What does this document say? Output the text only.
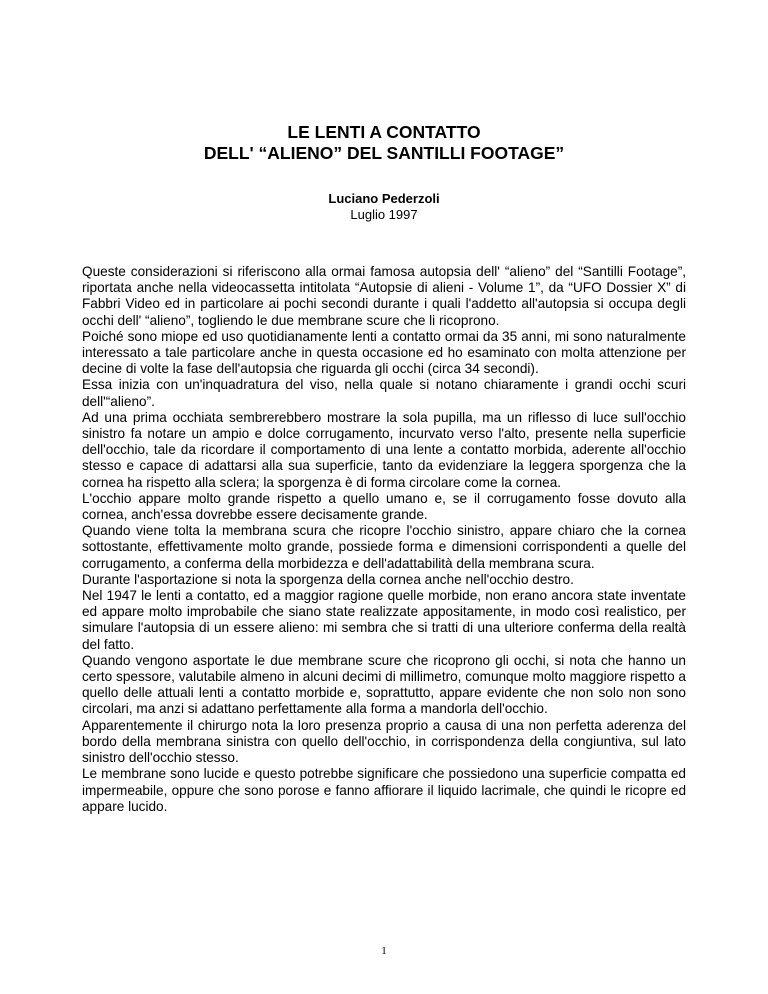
LE LENTI A CONTATTO
DELL' “ALIENO” DEL SANTILLI FOOTAGE”

Luciano Pederzoli

Luglio 1997

Queste considerazioni si riferiscono alla ormai famosa autopsia dell' “alieno” del “Santilli Footage”, riportata anche nella videocassetta intitolata “Autopsie di alieni - Volume 1”, da “UFO Dossier X” di Fabbri Video ed in particolare ai pochi secondi durante i quali l'addetto all'autopsia si occupa degli occhi dell' “alieno”, togliendo le due membrane scure che li ricoprono.

Poiché sono miope ed uso quotidianamente lenti a contatto ormai da 35 anni, mi sono naturalmente interessato a tale particolare anche in questa occasione ed ho esaminato con molta attenzione per decine di volte la fase dell'autopsia che riguarda gli occhi (circa 34 secondi).

Essa inizia con un'inquadratura del viso, nella quale si notano chiaramente i grandi occhi scuri dell'“alieno”.

Ad una prima occhiata sembrerebbero mostrare la sola pupilla, ma un riflesso di luce sull'occhio sinistro fa notare un ampio e dolce corrugamento, incurvato verso l'alto, presente nella superficie dell'occhio, tale da ricordare il comportamento di una lente a contatto morbida, aderente all'occhio stesso e capace di adattarsi alla sua superficie, tanto da evidenziare la leggera sporgenza che la cornea ha rispetto alla sclera; la sporgenza è di forma circolare come la cornea.

L'occhio appare molto grande rispetto a quello umano e, se il corrugamento fosse dovuto alla cornea, anch'essa dovrebbe essere decisamente grande.

Quando viene tolta la membrana scura che ricopre l'occhio sinistro, appare chiaro che la cornea sottostante, effettivamente molto grande, possiede forma e dimensioni corrispondenti a quelle del corrugamento, a conferma della morbidezza e dell'adattabilità della membrana scura.

Durante l'asportazione si nota la sporgenza della cornea anche nell'occhio destro.

Nel 1947 le lenti a contatto, ed a maggior ragione quelle morbide, non erano ancora state inventate ed appare molto improbabile che siano state realizzate appositamente, in modo così realistico, per simulare l'autopsia di un essere alieno: mi sembra che si tratti di una ulteriore conferma della realtà del fatto.

Quando vengono asportate le due membrane scure che ricoprono gli occhi, si nota che hanno un certo spessore, valutabile almeno in alcuni decimi di millimetro, comunque molto maggiore rispetto a quello delle attuali lenti a contatto morbide e, soprattutto, appare evidente che non solo non sono circolari, ma anzi si adattano perfettamente alla forma a mandorla dell'occhio.

Apparentemente il chirurgo nota la loro presenza proprio a causa di una non perfetta aderenza del bordo della membrana sinistra con quello dell'occhio, in corrispondenza della congiuntiva, sul lato sinistro dell'occhio stesso.

Le membrane sono lucide e questo potrebbe significare che possiedono una superficie compatta ed impermeabile, oppure che sono porose e fanno affiorare il liquido lacrimale, che quindi le ricopre ed appare lucido.

1
